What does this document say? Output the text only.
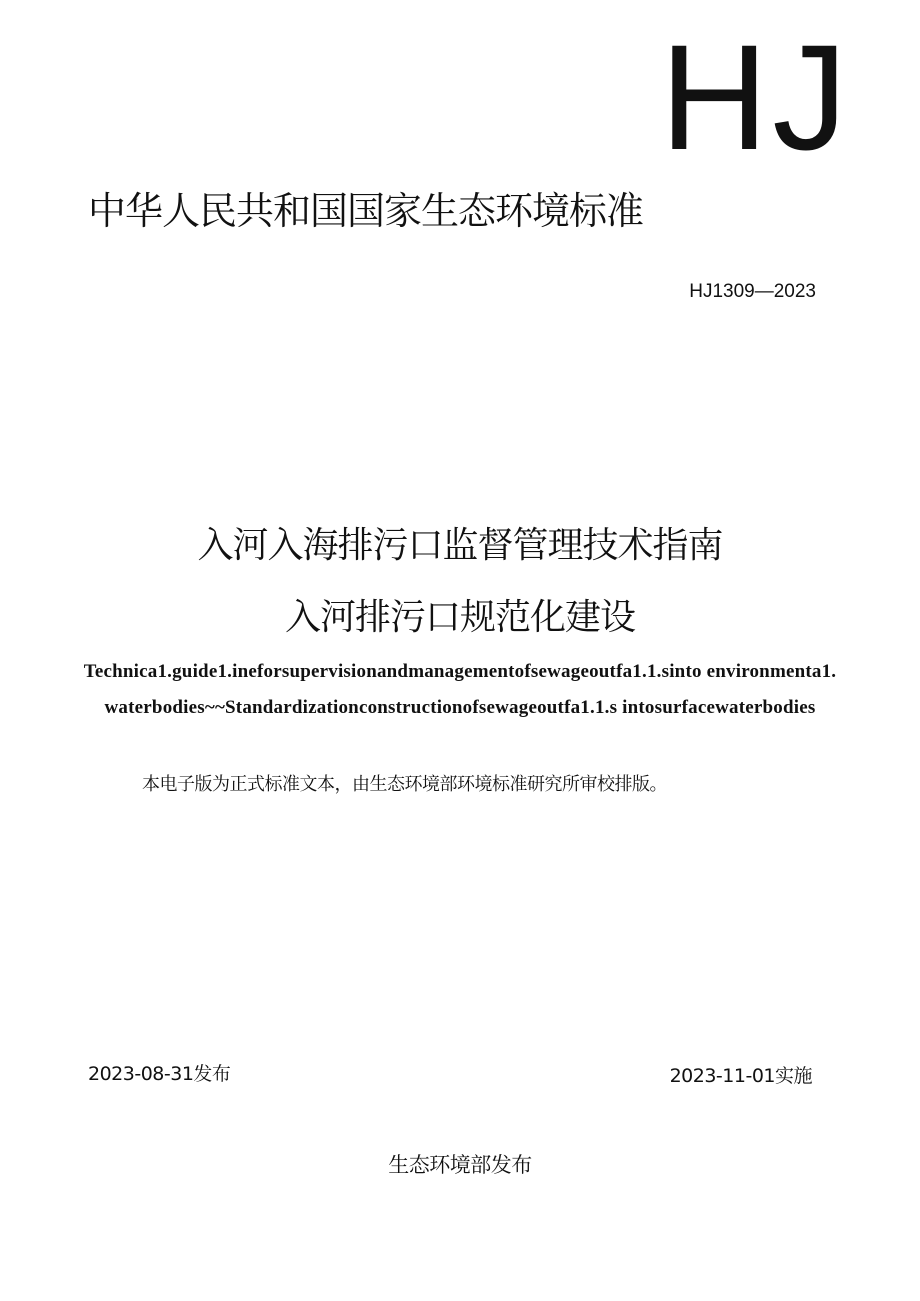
HJ
中华人民共和国国家生态环境标准
HJ1309—2023
入河入海排污口监督管理技术指南
入河排污口规范化建设
Technica1.guide1.ineforsupervisionandmanagementofsewageoutfa1.1.sinto environmenta1.waterbodies~~Standardizationconstructionofsewageoutfa1.1.s intosurfacewaterbodies
本电子版为正式标准文本，由生态环境部环境标准研究所审校排版。
2023-08-31发布	2023-11-01实施
生态环境部发布
